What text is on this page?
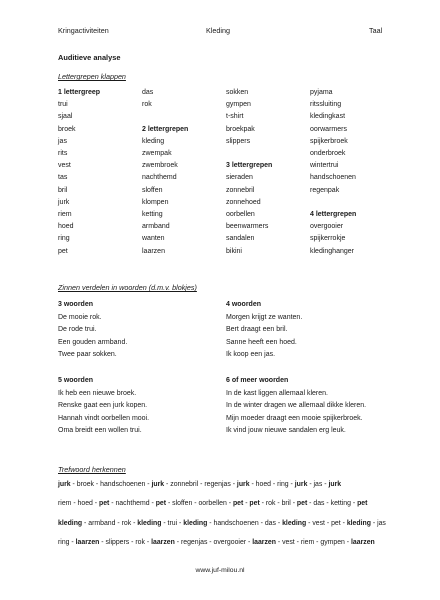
Kringactiviteiten	Kleding	Taal
Auditieve analyse
Lettergrepen klappen
1 lettergreep
trui
sjaal
broek
jas
rits
vest
tas
bril
jurk
riem
hoed
ring
pet
das
rok
2 lettergrepen
kleding
zwempak
zwembroek
nachthemd
sloffen
klompen
ketting
armband
wanten
laarzen
sokken
gympen
t-shirt
broekpak
slippers
3 lettergrepen
sieraden
zonnebril
zonnehoed
oorbellen
beenwarmers
sandalen
bikini
pyjama
ritssluiting
kledingkast
oorwarmers
spijkerbroek
onderbroek
wintertrui
handschoenen
regenpak
4 lettergrepen
overgooier
spijkerrokje
kledinghanger
Zinnen verdelen in woorden (d.m.v. blokjes)
3 woorden
De mooie rok.
De rode trui.
Een gouden armband.
Twee paar sokken.
4 woorden
Morgen krijgt ze wanten.
Bert draagt een bril.
Sanne heeft een hoed.
Ik koop een jas.
5 woorden
Ik heb een nieuwe broek.
Renske gaat een jurk kopen.
Hannah vindt oorbellen mooi.
Oma breidt een wollen trui.
6 of meer woorden
In de kast liggen allemaal kleren.
In de winter dragen we allemaal dikke kleren.
Mijn moeder draagt een mooie spijkerbroek.
Ik vind jouw nieuwe sandalen erg leuk.
Trefwoord herkennen
jurk - broek - handschoenen - jurk - zonnebril - regenjas - jurk - hoed - ring - jurk - jas - jurk
riem - hoed - pet - nachthemd - pet - sloffen - oorbellen - pet - pet - rok - bril - pet - das - ketting - pet
kleding - armband - rok - kleding - trui - kleding - handschoenen - das - kleding - vest - pet - kleding - jas
ring - laarzen - slippers - rok - laarzen - regenjas - overgooier - laarzen - vest - riem - gympen - laarzen
www.juf-milou.nl
